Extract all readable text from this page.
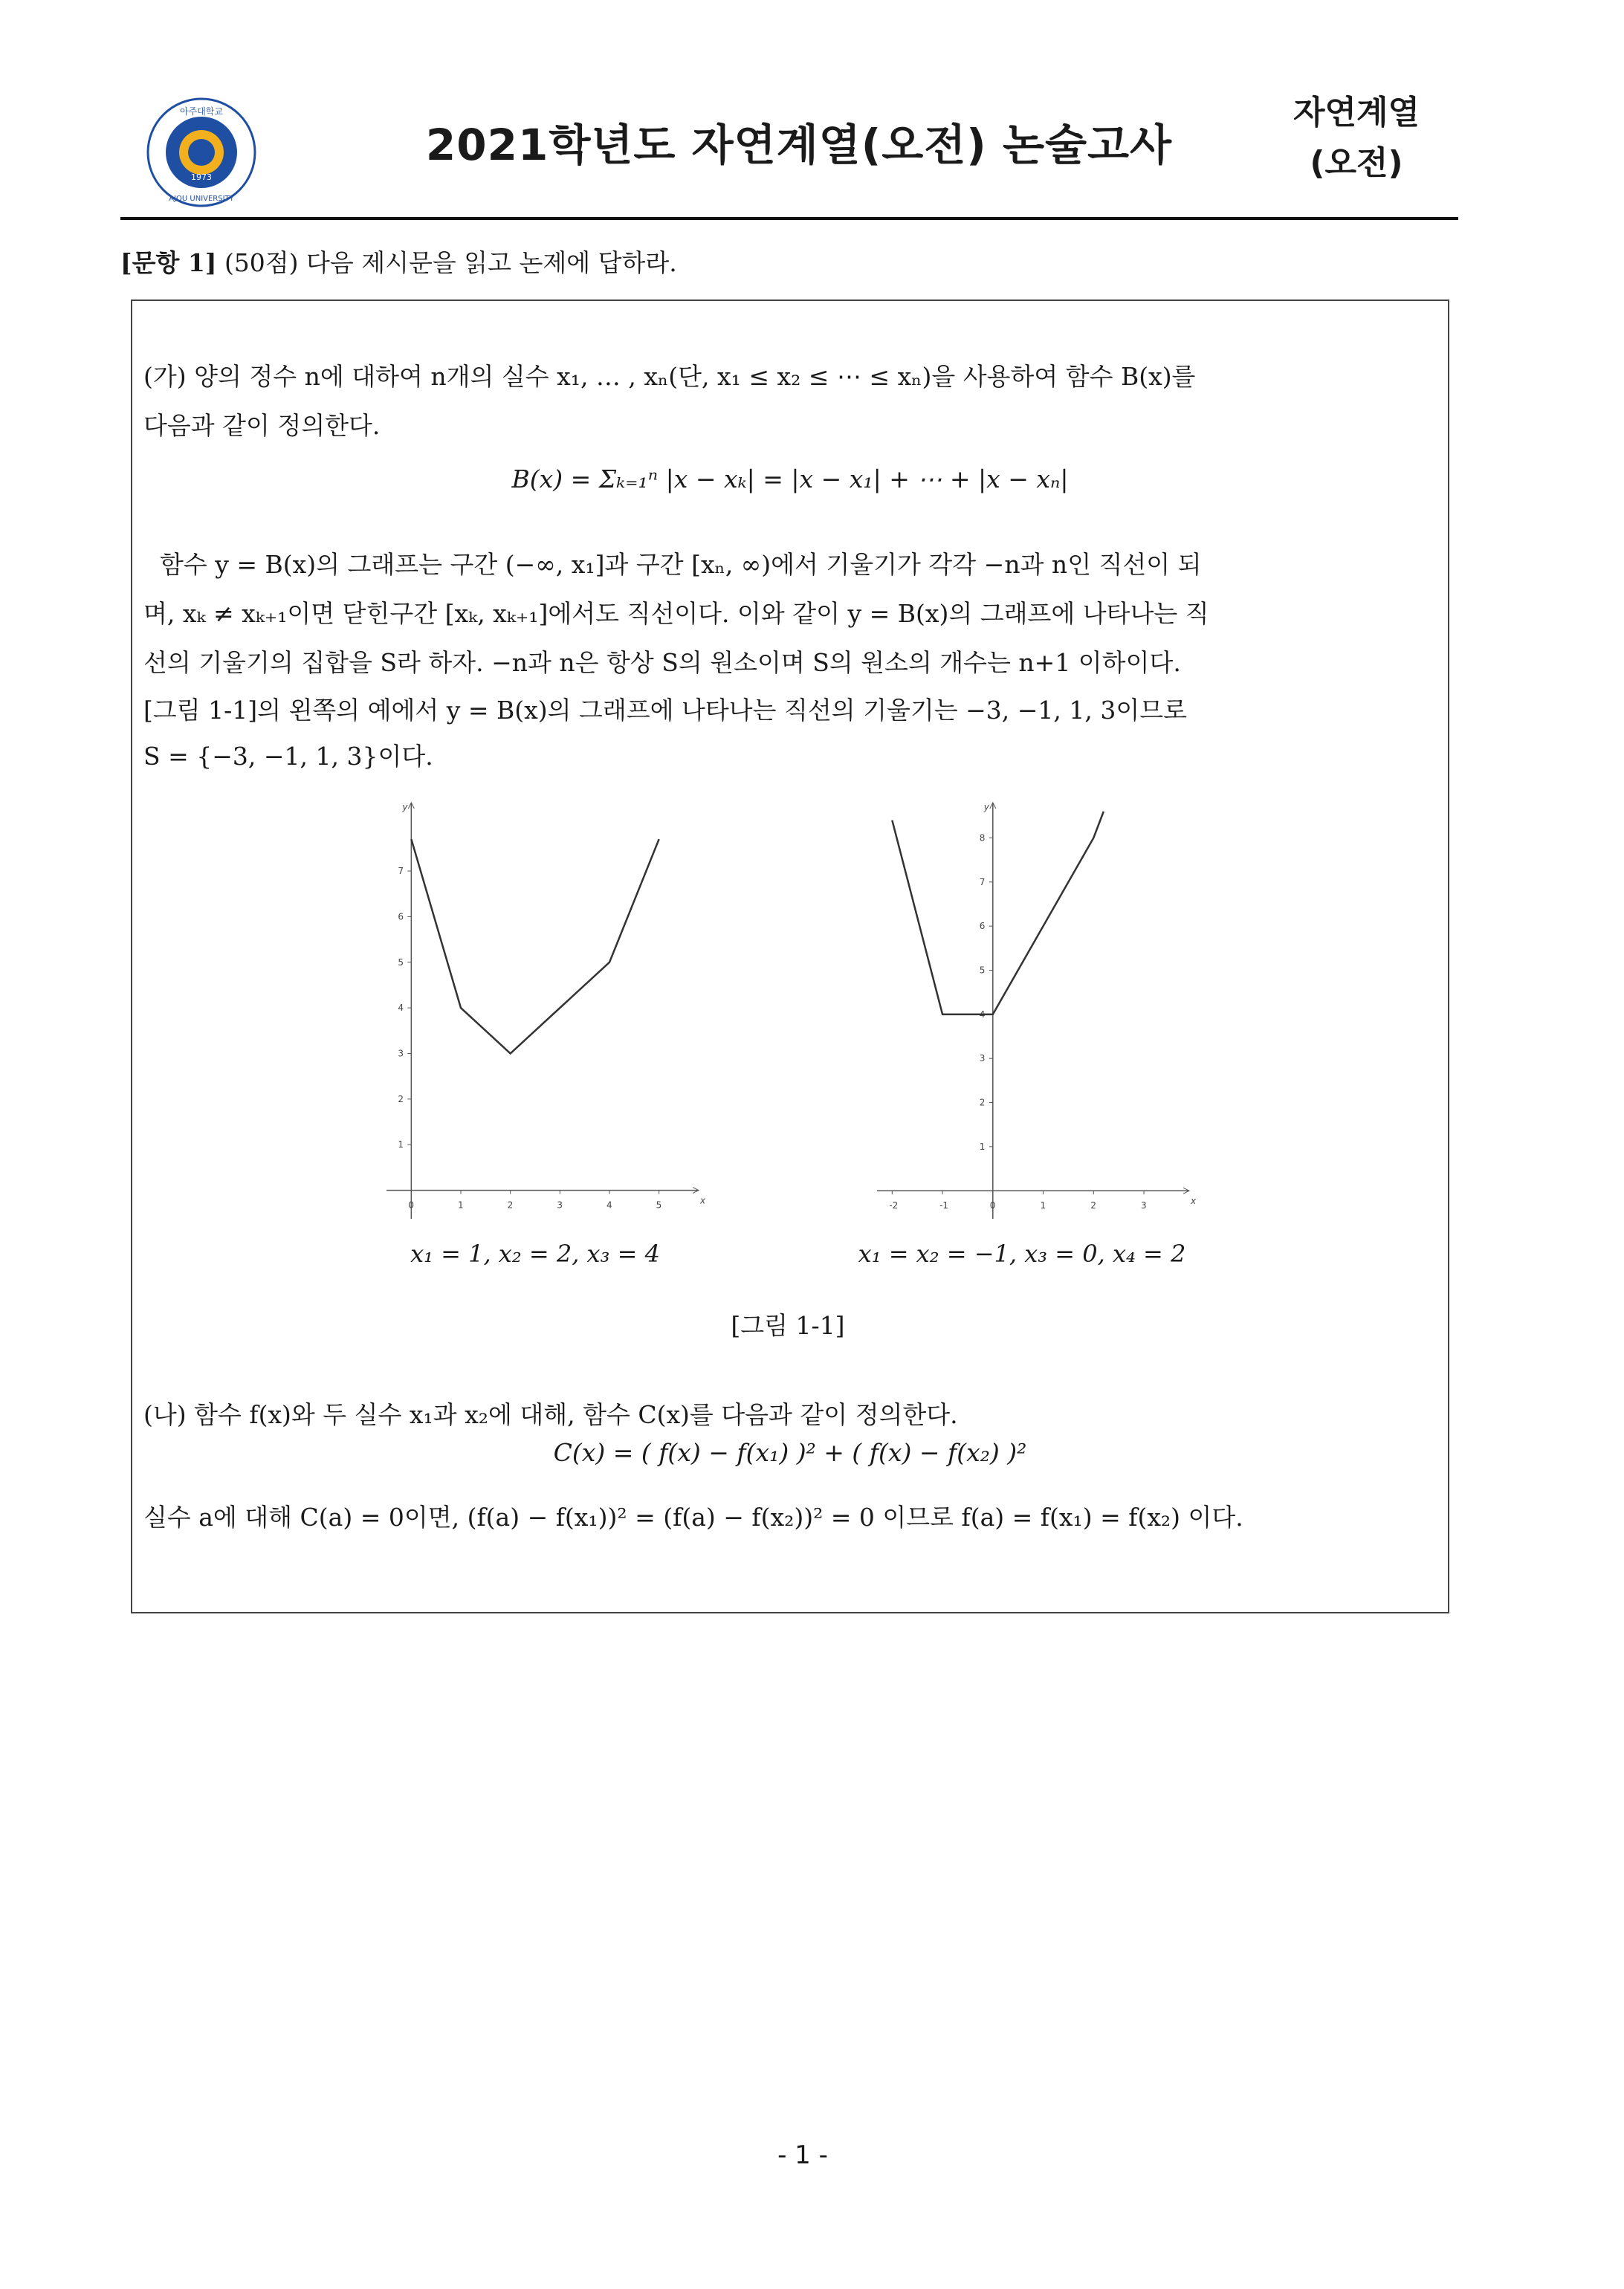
1973
아주대학교
AJOU UNIVERSITY
2021학년도 자연계열(오전) 논술고사
자연계열
(오전)
[문항 1] (50점) 다음 제시문을 읽고 논제에 답하라.
(가) 양의 정수 n에 대하여 n개의 실수 x₁, … , xₙ(단, x₁ ≤ x₂ ≤ ⋯ ≤ xₙ)을 사용하여 함수 B(x)를
다음과 같이 정의한다.
B(x) = Σₖ₌₁ⁿ |x − xₖ| = |x − x₁| + ⋯ + |x − xₙ|
함수 y = B(x)의 그래프는 구간 (−∞, x₁]과 구간 [xₙ, ∞)에서 기울기가 각각 −n과 n인 직선이 되
며, xₖ ≠ xₖ₊₁이면 닫힌구간 [xₖ, xₖ₊₁]에서도 직선이다. 이와 같이 y = B(x)의 그래프에 나타나는 직
선의 기울기의 집합을 S라 하자. −n과 n은 항상 S의 원소이며 S의 원소의 개수는 n+1 이하이다.
[그림 1-1]의 왼쪽의 예에서 y = B(x)의 그래프에 나타나는 직선의 기울기는 −3, −1, 1, 3이므로
S = {−3, −1, 1, 3}이다.
x
y
0	1	2	3	4	5
1
2
3
4
5
6
7
x
y
-2	-1	0	1	2	3
1
2
3
4
5
6
7
8
x₁ = 1, x₂ = 2, x₃ = 4	x₁ = x₂ = −1, x₃ = 0, x₄ = 2
[그림 1-1]
(나) 함수 f(x)와 두 실수 x₁과 x₂에 대해, 함수 C(x)를 다음과 같이 정의한다.
C(x) = ( f(x) − f(x₁) )² + ( f(x) − f(x₂) )²
실수 a에 대해 C(a) = 0이면, (f(a) − f(x₁))² = (f(a) − f(x₂))² = 0 이므로 f(a) = f(x₁) = f(x₂) 이다.
- 1 -
